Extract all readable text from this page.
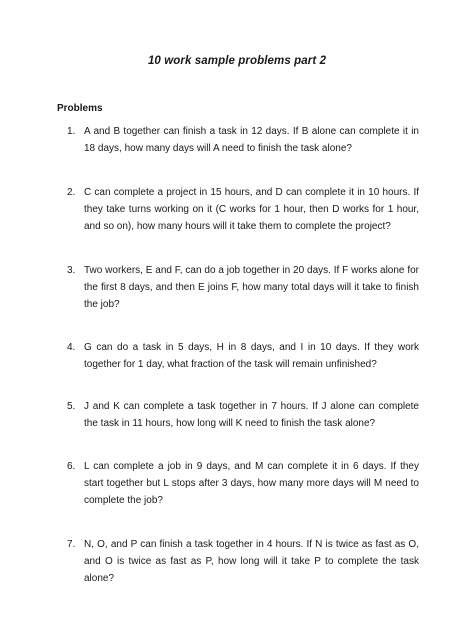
10 work sample problems part 2
Problems
1. A and B together can finish a task in 12 days. If B alone can complete it in 18 days, how many days will A need to finish the task alone?
2. C can complete a project in 15 hours, and D can complete it in 10 hours. If they take turns working on it (C works for 1 hour, then D works for 1 hour, and so on), how many hours will it take them to complete the project?
3. Two workers, E and F, can do a job together in 20 days. If F works alone for the first 8 days, and then E joins F, how many total days will it take to finish the job?
4. G can do a task in 5 days, H in 8 days, and I in 10 days. If they work together for 1 day, what fraction of the task will remain unfinished?
5. J and K can complete a task together in 7 hours. If J alone can complete the task in 11 hours, how long will K need to finish the task alone?
6. L can complete a job in 9 days, and M can complete it in 6 days. If they start together but L stops after 3 days, how many more days will M need to complete the job?
7. N, O, and P can finish a task together in 4 hours. If N is twice as fast as O, and O is twice as fast as P, how long will it take P to complete the task alone?
